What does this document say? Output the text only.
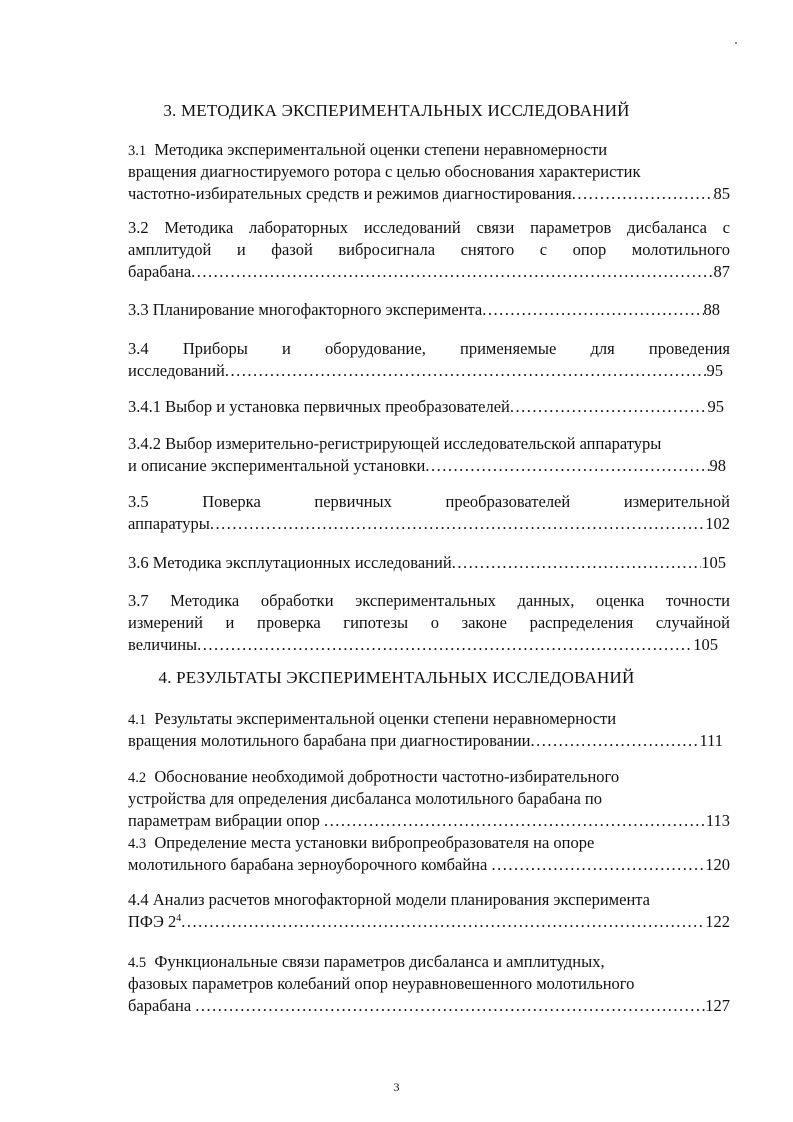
3. МЕТОДИКА ЭКСПЕРИМЕНТАЛЬНЫХ ИССЛЕДОВАНИЙ
3.1 Методика экспериментальной оценки степени неравномерности
вращения диагностируемого ротора с целью обоснования характеристик
частотно-избирательных средств и режимов диагностирования .....	85
3.2 Методика лабораторных исследований связи параметров дисбаланса с
амплитудой и фазой вибросигнала снятого с опор молотильного
барабана .....	87
3.3 Планирование многофакторного эксперимента .....	88
3.4 Приборы и оборудование, применяемые для проведения
исследований .....	95
3.4.1 Выбор и установка первичных преобразователей .....	95
3.4.2 Выбор измерительно-регистрирующей исследовательской аппаратуры
и описание экспериментальной установки .....	98
3.5 Поверка первичных преобразователей измерительной
аппаратуры .....	102
3.6 Методика эксплутационных исследований .....	105
3.7 Методика обработки экспериментальных данных, оценка точности
измерений и проверка гипотезы о законе распределения случайной
величины .....	105
4. РЕЗУЛЬТАТЫ ЭКСПЕРИМЕНТАЛЬНЫХ ИССЛЕДОВАНИЙ
4.1 Результаты экспериментальной оценки степени неравномерности
вращения молотильного барабана при диагностировании .....	111
4.2 Обоснование необходимой добротности частотно-избирательного
устройства для определения дисбаланса молотильного барабана по
параметрам вибрации опор .....	113
4.3 Определение места установки вибропреобразователя на опоре
молотильного барабана зерноуборочного комбайна .....	120
4.4 Анализ расчетов многофакторной модели планирования эксперимента
ПФЭ $2^4$ .....	122
4.5 Функциональные связи параметров дисбаланса и амплитудных,
фазовых параметров колебаний опор неуравновешенного молотильного
барабана .....	127
3
